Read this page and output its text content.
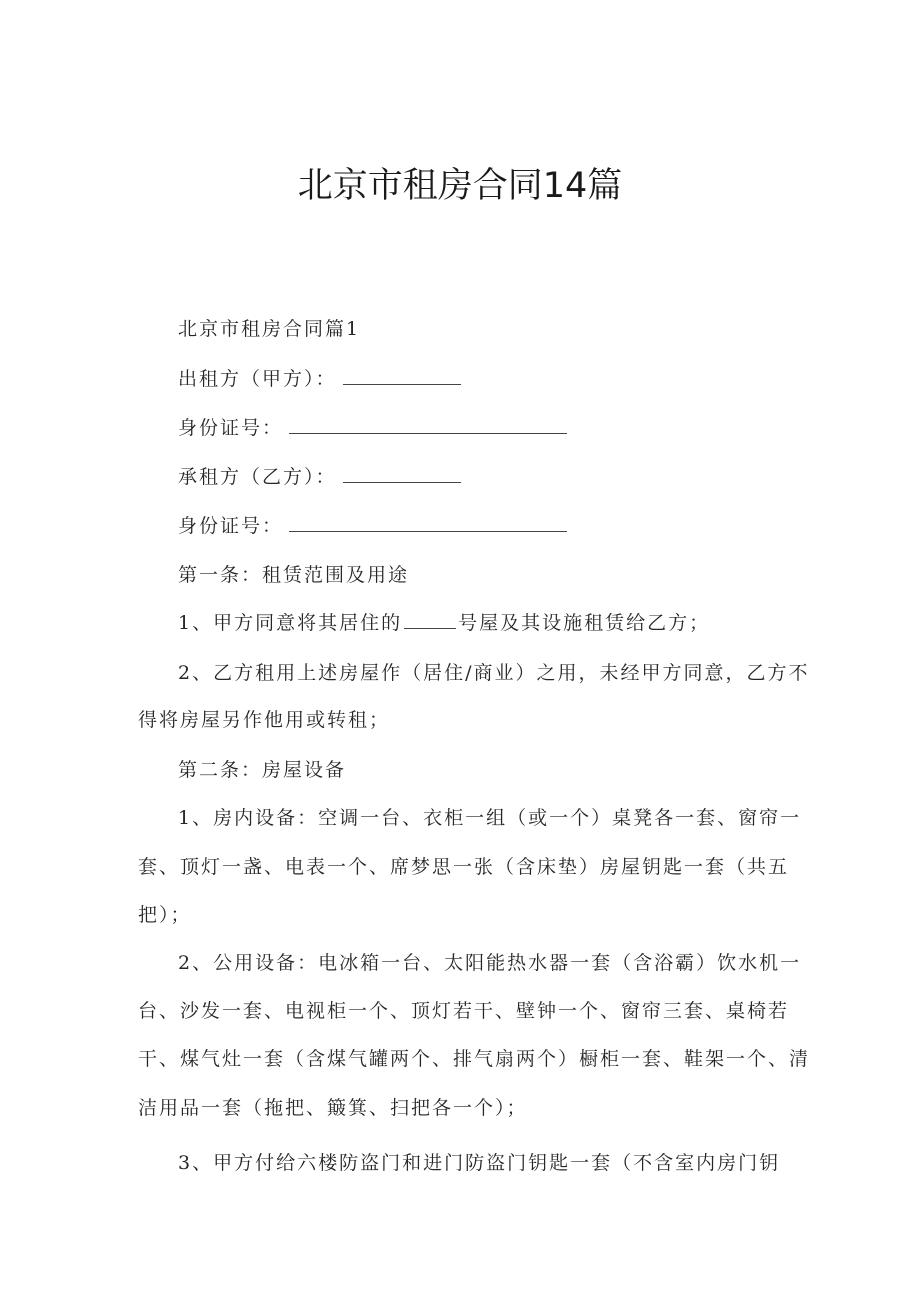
北京市租房合同14篇
北京市租房合同篇1
出租方（甲方）：
身份证号：
承租方（乙方）：
身份证号：
第一条：租赁范围及用途
1、甲方同意将其居住的	号屋及其设施租赁给乙方；
2、乙方租用上述房屋作（居住/商业）之用，未经甲方同意，乙方不
得将房屋另作他用或转租；
第二条：房屋设备
1、房内设备：空调一台、衣柜一组（或一个）桌凳各一套、窗帘一
套、顶灯一盏、电表一个、席梦思一张（含床垫）房屋钥匙一套（共五
把）；
2、公用设备：电冰箱一台、太阳能热水器一套（含浴霸）饮水机一
台、沙发一套、电视柜一个、顶灯若干、壁钟一个、窗帘三套、桌椅若
干、煤气灶一套（含煤气罐两个、排气扇两个）橱柜一套、鞋架一个、清
洁用品一套（拖把、簸箕、扫把各一个）；
3、甲方付给六楼防盗门和进门防盗门钥匙一套（不含室内房门钥
